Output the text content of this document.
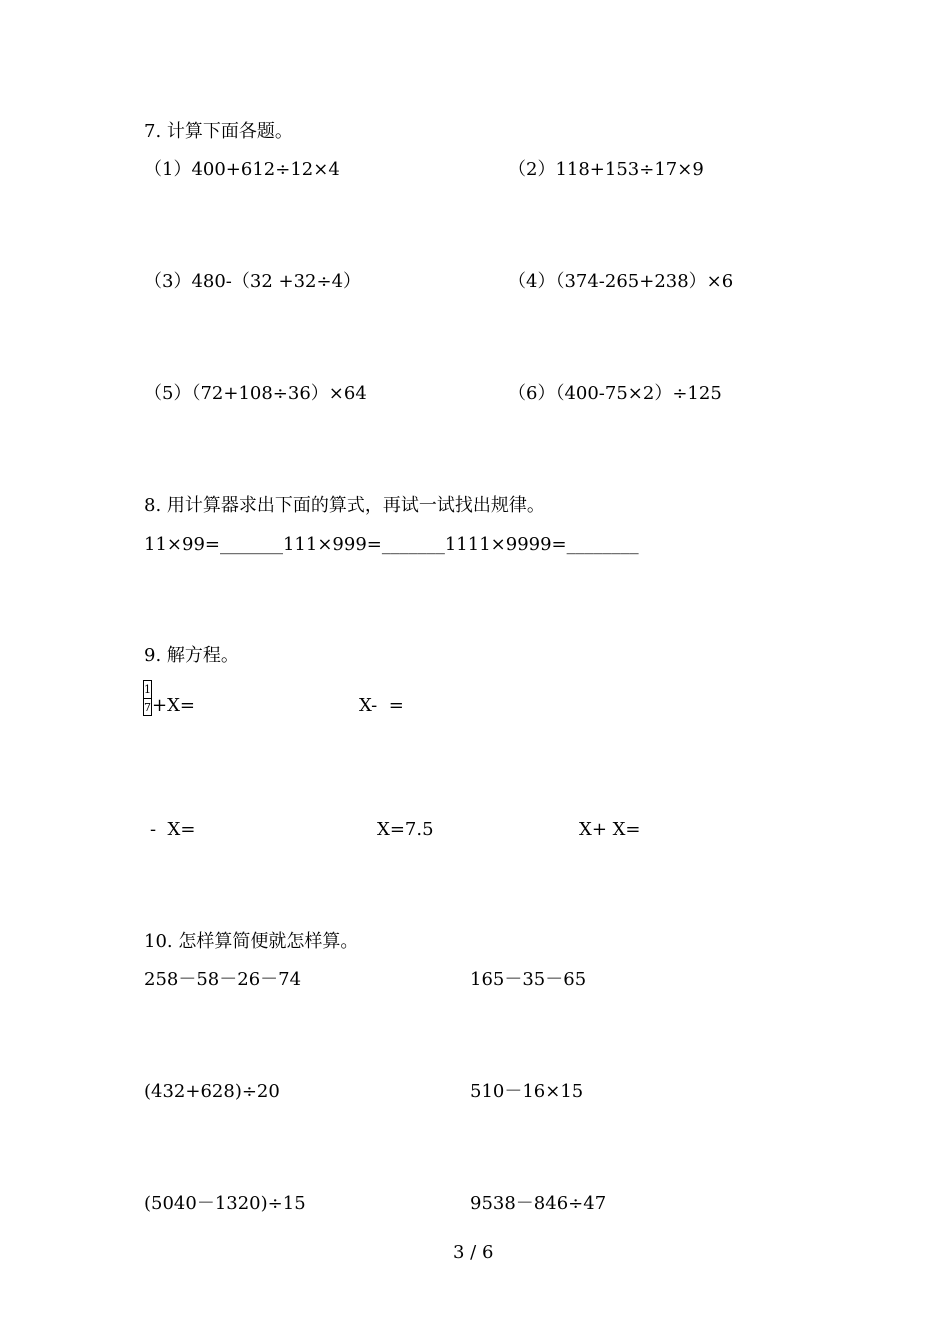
7. 计算下面各题。
（1）400+612÷12×4	（2）118+153÷17×9
（3）480-（32 +32÷4）	（4）（374-265+238）×6
（5）（72+108÷36）×64	（6）（400-75×2）÷125
8. 用计算器求出下面的算式，再试一试找出规律。
11×99=_______111×999=_______1111×9999=________
9. 解方程。
1
7 +X=	X-  =
-  X=	X=7.5	X+ X=
10. 怎样算简便就怎样算。
258－58－26－74	165－35－65
(432+628)÷20	510－16×15
(5040－1320)÷15	9538－846÷47
3 / 6
